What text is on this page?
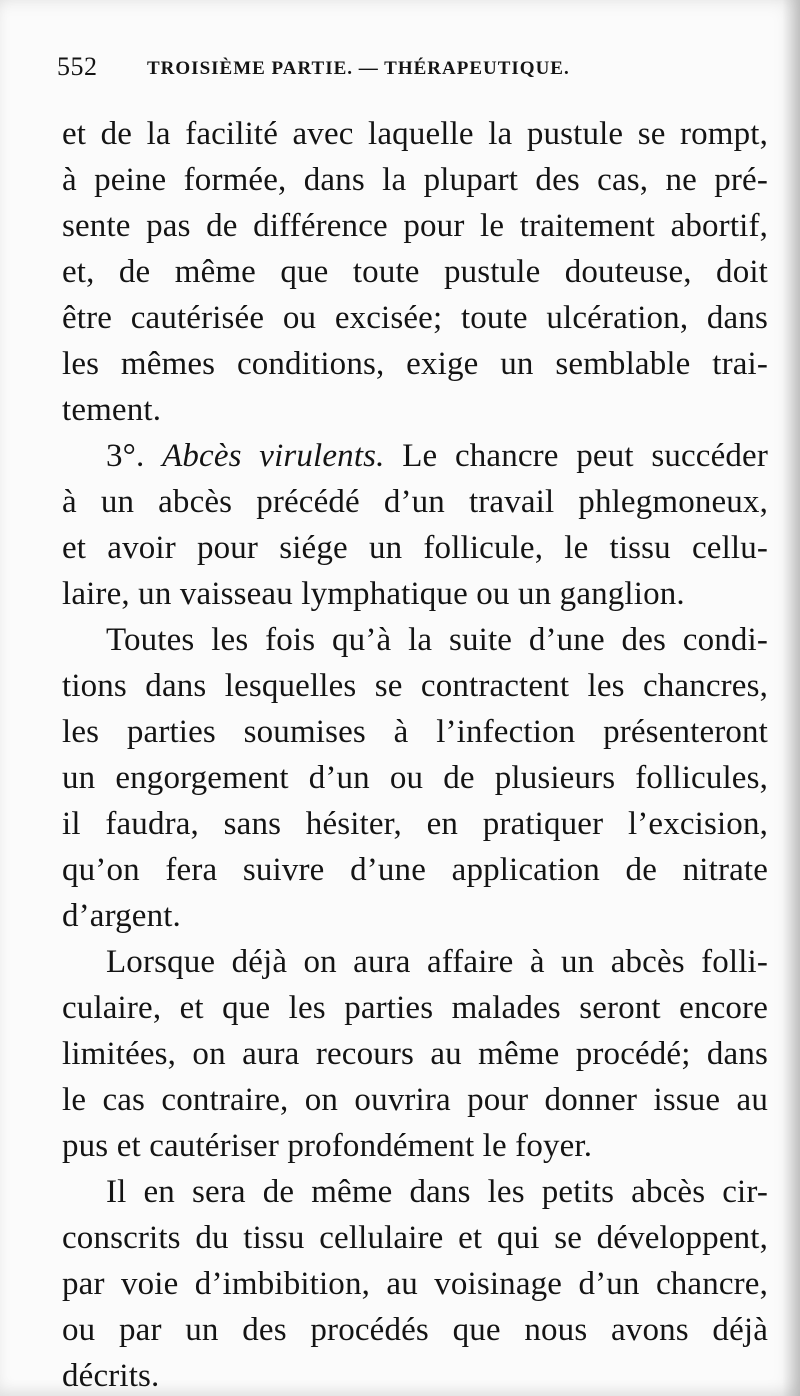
552	TROISIÈME PARTIE. — THÉRAPEUTIQUE.
et de la facilité avec laquelle la pustule se rompt,
à peine formée, dans la plupart des cas, ne pré-
sente pas de différence pour le traitement abortif,
et, de même que toute pustule douteuse, doit
être cautérisée ou excisée; toute ulcération, dans
les mêmes conditions, exige un semblable trai-
tement.
3°. Abcès virulents. Le chancre peut succéder
à un abcès précédé d’un travail phlegmoneux,
et avoir pour siége un follicule, le tissu cellu-
laire, un vaisseau lymphatique ou un ganglion.
Toutes les fois qu’à la suite d’une des condi-
tions dans lesquelles se contractent les chancres,
les parties soumises à l’infection présenteront
un engorgement d’un ou de plusieurs follicules,
il faudra, sans hésiter, en pratiquer l’excision,
qu’on fera suivre d’une application de nitrate
d’argent.
Lorsque déjà on aura affaire à un abcès folli-
culaire, et que les parties malades seront encore
limitées, on aura recours au même procédé; dans
le cas contraire, on ouvrira pour donner issue au
pus et cautériser profondément le foyer.
Il en sera de même dans les petits abcès cir-
conscrits du tissu cellulaire et qui se développent,
par voie d’imbibition, au voisinage d’un chancre,
ou par un des procédés que nous avons déjà
décrits.
